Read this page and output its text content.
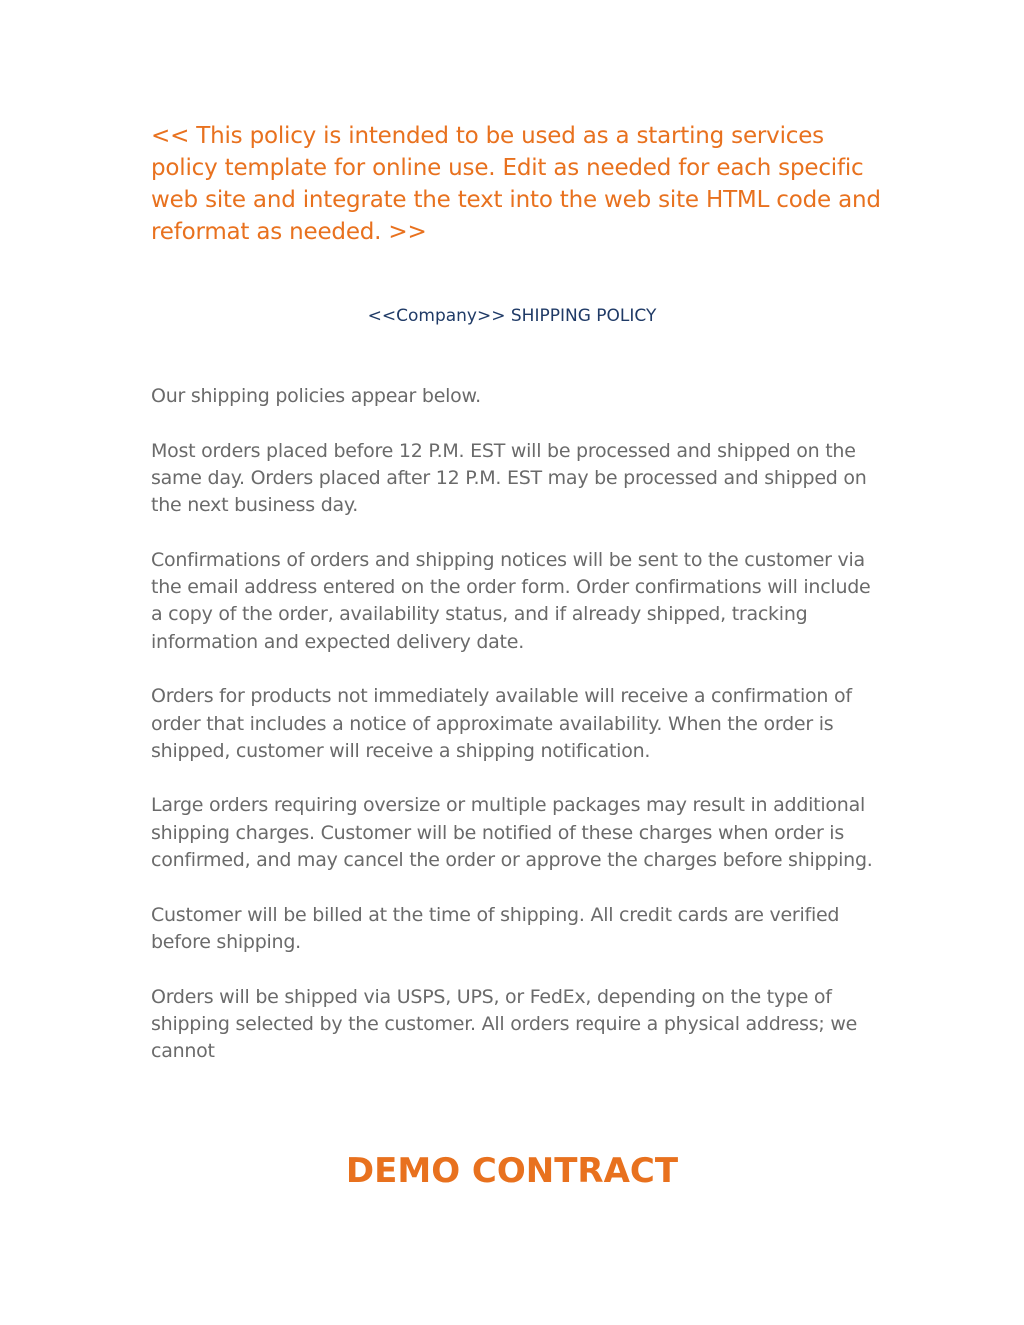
<< This policy is intended to be used as a starting services policy template for online use. Edit as needed for each specific web site and integrate the text into the web site HTML code and reformat as needed. >>

<<Company>> SHIPPING POLICY

Our shipping policies appear below.

Most orders placed before 12 P.M. EST will be processed and shipped on the same day. Orders placed after 12 P.M. EST may be processed and shipped on the next business day.

Confirmations of orders and shipping notices will be sent to the customer via the email address entered on the order form. Order confirmations will include a copy of the order, availability status, and if already shipped, tracking information and expected delivery date.

Orders for products not immediately available will receive a confirmation of order that includes a notice of approximate availability. When the order is shipped, customer will receive a shipping notification.

Large orders requiring oversize or multiple packages may result in additional shipping charges. Customer will be notified of these charges when order is confirmed, and may cancel the order or approve the charges before shipping.

Customer will be billed at the time of shipping. All credit cards are verified before shipping.

Orders will be shipped via USPS, UPS, or FedEx, depending on the type of shipping selected by the customer. All orders require a physical address; we cannot

DEMO CONTRACT
